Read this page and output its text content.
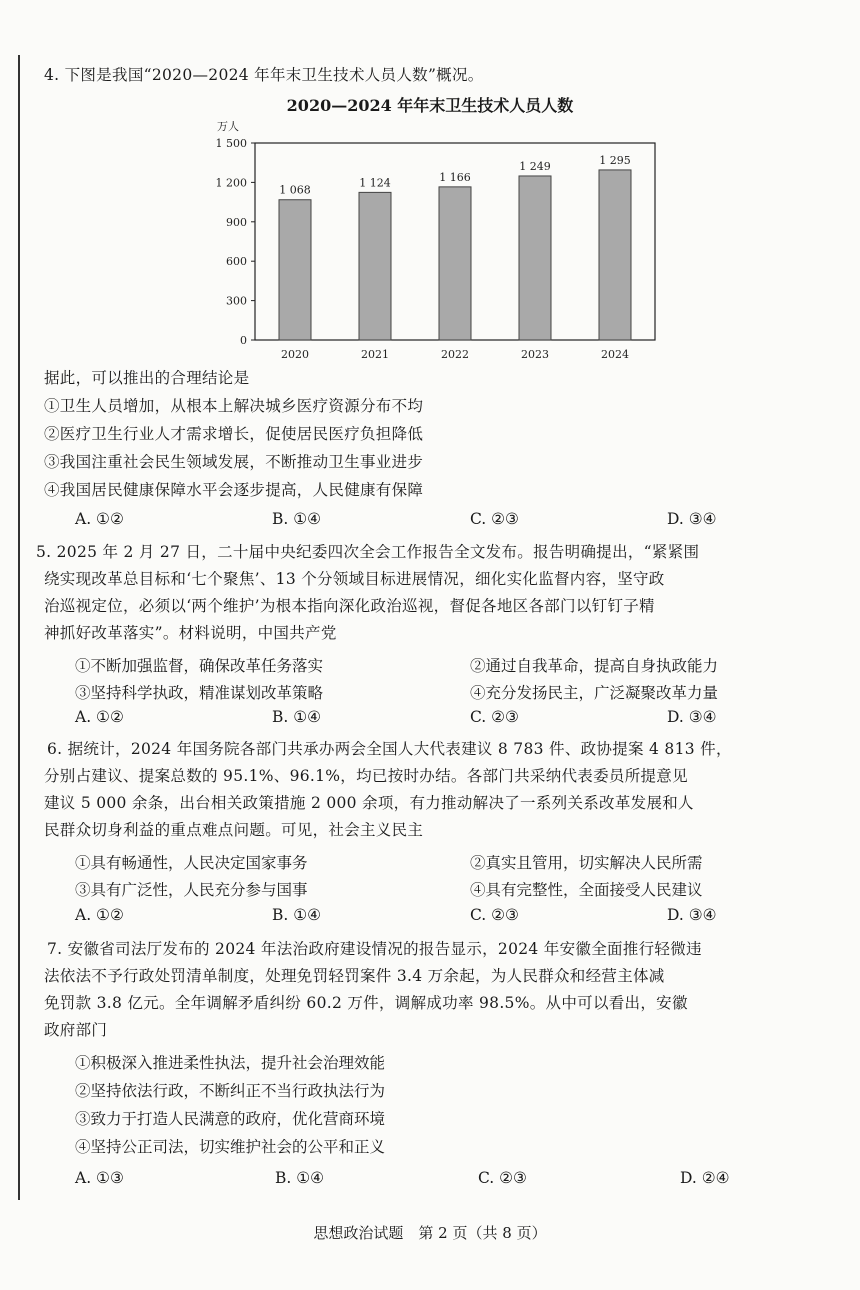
4. 下图是我国“2020—2024 年年末卫生技术人员人数”概况。
2020—2024 年年末卫生技术人员人数
万人
0
300
600
900
1 200
1 500
1 068
2020
1 124
2021
1 166
2022
1 249
2023
1 295
2024
据此，可以推出的合理结论是
①卫生人员增加，从根本上解决城乡医疗资源分布不均
②医疗卫生行业人才需求增长，促使居民医疗负担降低
③我国注重社会民生领域发展，不断推动卫生事业进步
④我国居民健康保障水平会逐步提高，人民健康有保障
A. ①②	B. ①④	C. ②③	D. ③④
5. 2025 年 2 月 27 日，二十届中央纪委四次全会工作报告全文发布。报告明确提出，“紧紧围
绕实现改革总目标和‘七个聚焦’、13 个分领域目标进展情况，细化实化监督内容，坚守政
治巡视定位，必须以‘两个维护’为根本指向深化政治巡视，督促各地区各部门以钉钉子精
神抓好改革落实”。材料说明，中国共产党
①不断加强监督，确保改革任务落实	②通过自我革命，提高自身执政能力
③坚持科学执政，精准谋划改革策略	④充分发扬民主，广泛凝聚改革力量
A. ①②	B. ①④	C. ②③	D. ③④
6. 据统计，2024 年国务院各部门共承办两会全国人大代表建议 8 783 件、政协提案 4 813 件，
分别占建议、提案总数的 95.1%、96.1%，均已按时办结。各部门共采纳代表委员所提意见
建议 5 000 余条，出台相关政策措施 2 000 余项，有力推动解决了一系列关系改革发展和人
民群众切身利益的重点难点问题。可见，社会主义民主
①具有畅通性，人民决定国家事务	②真实且管用，切实解决人民所需
③具有广泛性，人民充分参与国事	④具有完整性，全面接受人民建议
A. ①②	B. ①④	C. ②③	D. ③④
7. 安徽省司法厅发布的 2024 年法治政府建设情况的报告显示，2024 年安徽全面推行轻微违
法依法不予行政处罚清单制度，处理免罚轻罚案件 3.4 万余起，为人民群众和经营主体减
免罚款 3.8 亿元。全年调解矛盾纠纷 60.2 万件，调解成功率 98.5%。从中可以看出，安徽
政府部门
①积极深入推进柔性执法，提升社会治理效能
②坚持依法行政，不断纠正不当行政执法行为
③致力于打造人民满意的政府，优化营商环境
④坚持公正司法，切实维护社会的公平和正义
A. ①③	B. ①④	C. ②③	D. ②④
思想政治试题　第 2 页（共 8 页）
